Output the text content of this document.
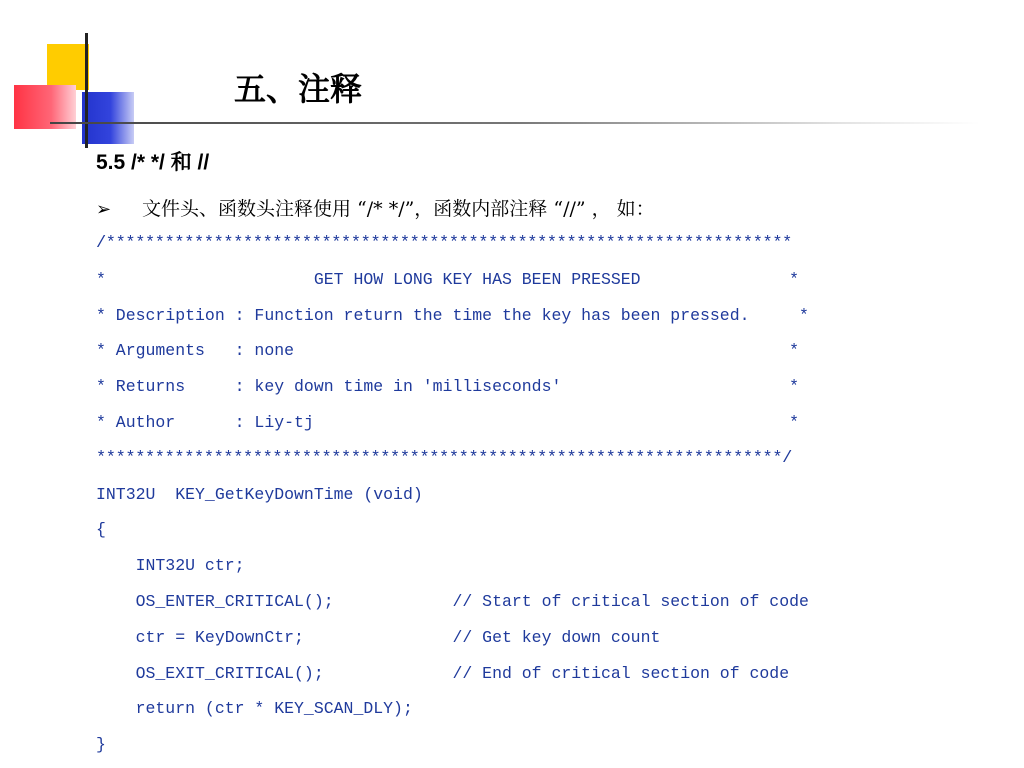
五、注释
5.5 /* */ 和 //
➢ 文件头、函数头注释使用 “/* */”，函数内部注释 “//” ， 如：
/**********************************************************************
*                     GET HOW LONG KEY HAS BEEN PRESSED               *
* Description : Function return the time the key has been pressed.     *
* Arguments   : none                                                  *
* Returns     : key down time in 'milliseconds'                       *
* Author      : Liy-tj                                                *
**********************************************************************/
INT32U  KEY_GetKeyDownTime (void)
{
INT32U ctr;
OS_ENTER_CRITICAL();            // Start of critical section of code
ctr = KeyDownCtr;               // Get key down count
OS_EXIT_CRITICAL();             // End of critical section of code
return (ctr * KEY_SCAN_DLY);
}
